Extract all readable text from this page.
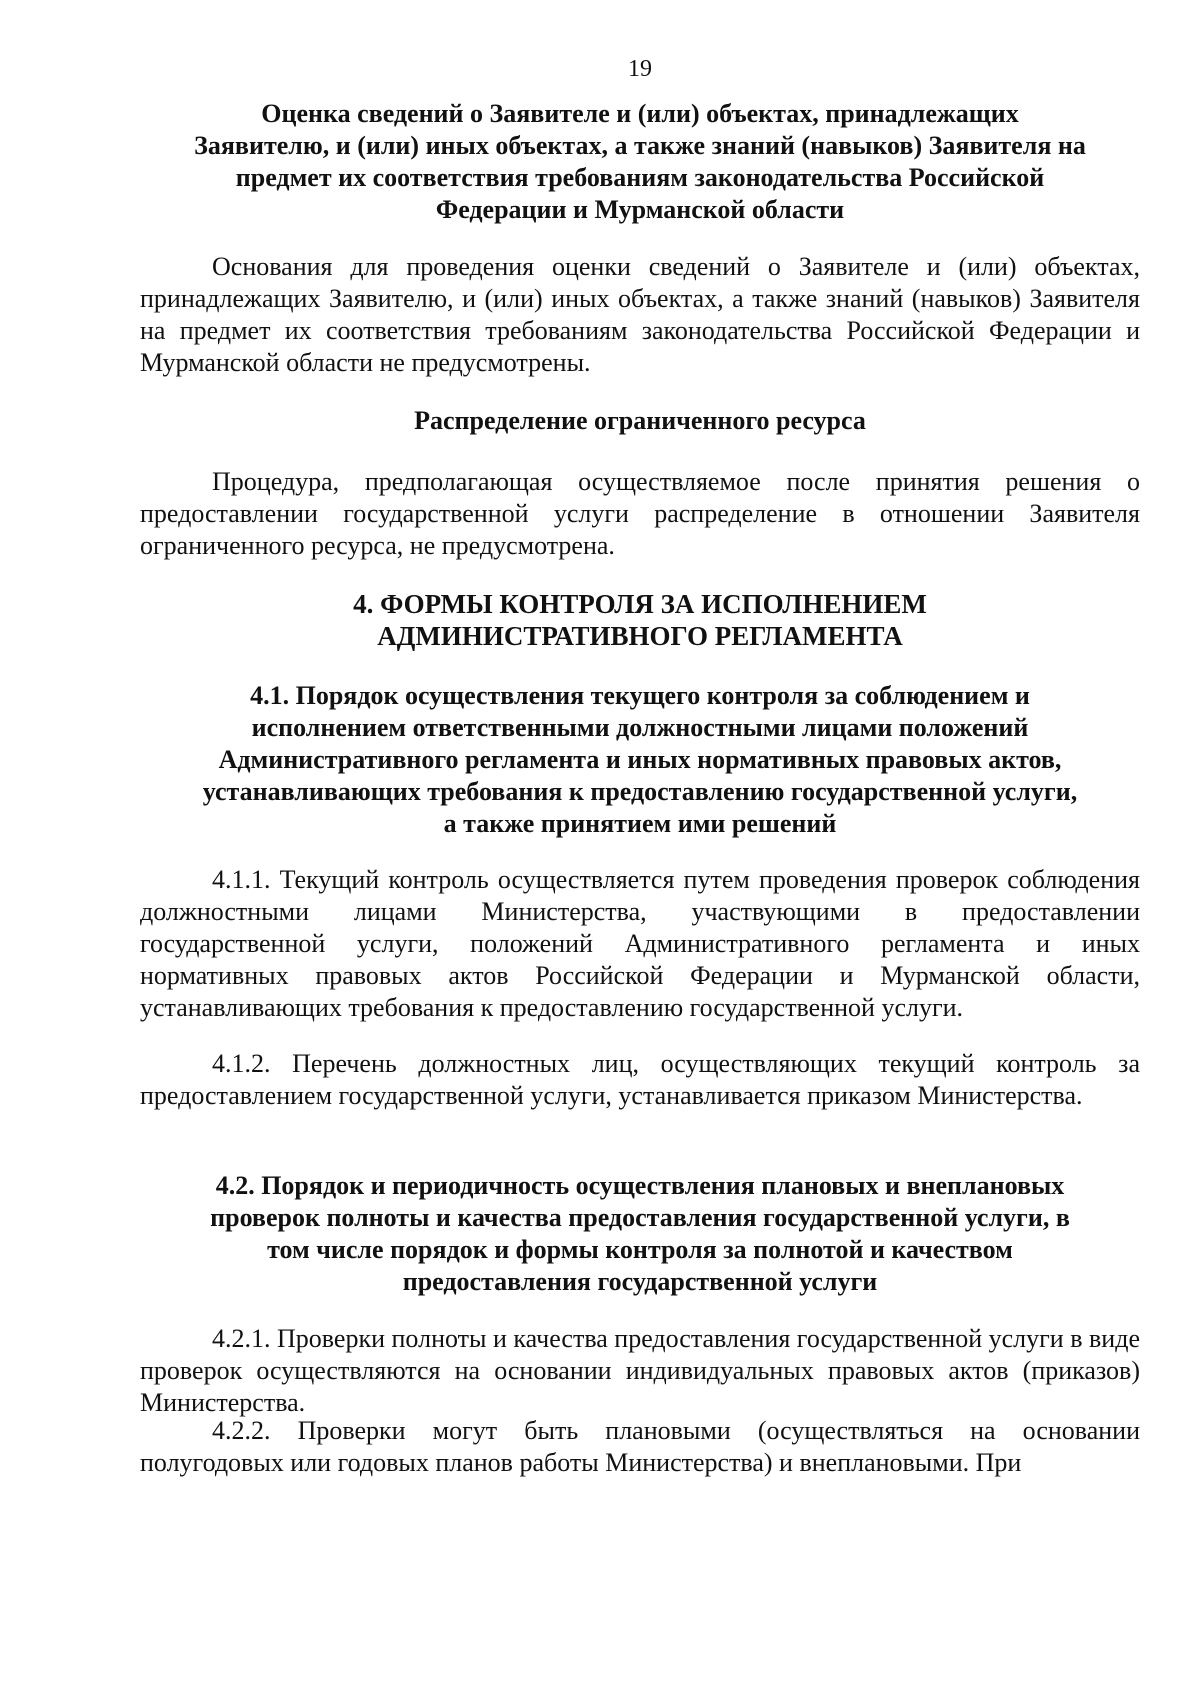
19
Оценка сведений о Заявителе и (или) объектах, принадлежащих
Заявителю, и (или) иных объектах, а также знаний (навыков) Заявителя на
предмет их соответствия требованиям законодательства Российской
Федерации и Мурманской области
Основания для проведения оценки сведений о Заявителе и (или) объектах, принадлежащих Заявителю, и (или) иных объектах, а также знаний (навыков) Заявителя на предмет их соответствия требованиям законодательства Российской Федерации и Мурманской области не предусмотрены.
Распределение ограниченного ресурса
Процедура, предполагающая осуществляемое после принятия решения о предоставлении государственной услуги распределение в отношении Заявителя ограниченного ресурса, не предусмотрена.
4. ФОРМЫ КОНТРОЛЯ ЗА ИСПОЛНЕНИЕМ
АДМИНИСТРАТИВНОГО РЕГЛАМЕНТА
4.1. Порядок осуществления текущего контроля за соблюдением и
исполнением ответственными должностными лицами положений
Административного регламента и иных нормативных правовых актов,
устанавливающих требования к предоставлению государственной услуги,
а также принятием ими решений
4.1.1. Текущий контроль осуществляется путем проведения проверок соблюдения должностными лицами Министерства, участвующими в предоставлении государственной услуги, положений Административного регламента и иных нормативных правовых актов Российской Федерации и Мурманской области, устанавливающих требования к предоставлению государственной услуги.
4.1.2. Перечень должностных лиц, осуществляющих текущий контроль за предоставлением государственной услуги, устанавливается приказом Министерства.
4.2. Порядок и периодичность осуществления плановых и внеплановых
проверок полноты и качества предоставления государственной услуги, в
том числе порядок и формы контроля за полнотой и качеством
предоставления государственной услуги
4.2.1. Проверки полноты и качества предоставления государственной услуги в виде проверок осуществляются на основании индивидуальных правовых актов (приказов) Министерства.
4.2.2. Проверки могут быть плановыми (осуществляться на основании полугодовых или годовых планов работы Министерства) и внеплановыми. При
